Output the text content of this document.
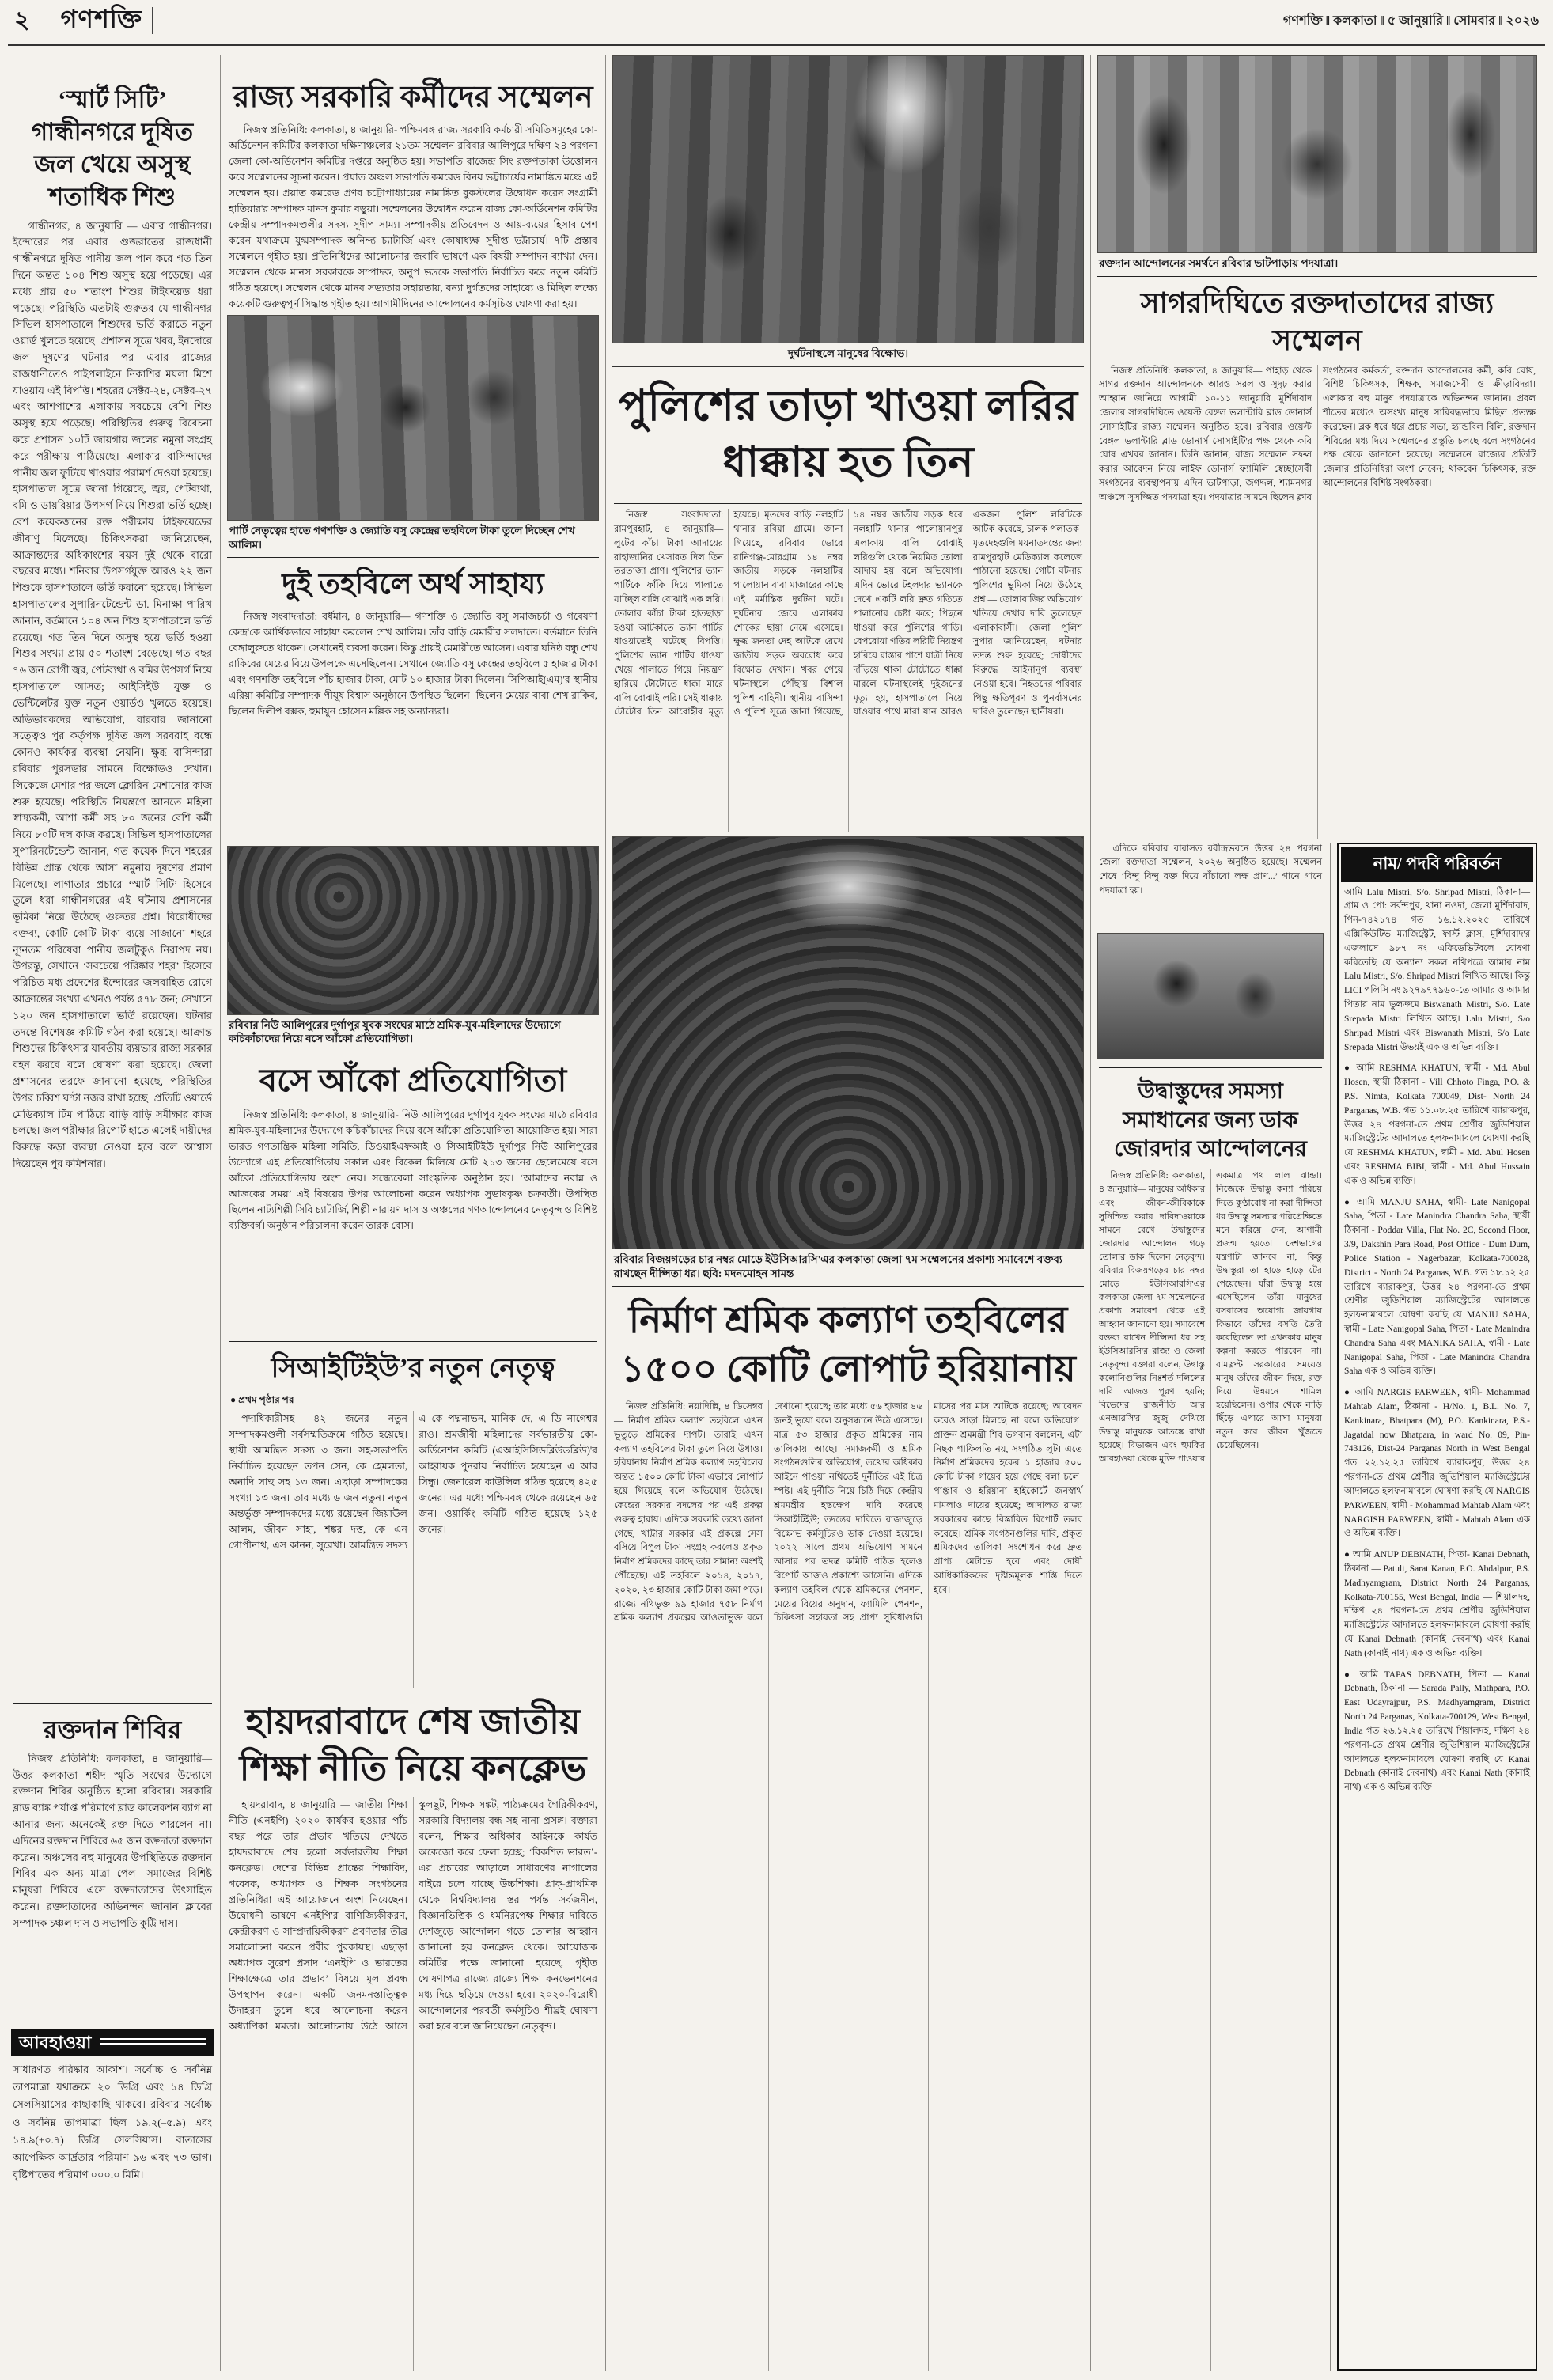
২	গণশক্তি	গণশক্তি ‖ কলকাতা ‖ ৫ জানুয়ারি ‖ সোমবার ‖ ২০২৬
‘স্মার্ট সিটি’ গান্ধীনগরে দূষিত জল খেয়ে অসুস্থ শতাধিক শিশু
গান্ধীনগর, ৪ জানুয়ারি — এবার গান্ধীনগর। ইন্দোরের পর এবার গুজরাতের রাজধানী গান্ধীনগরে দূষিত পানীয় জল পান করে গত তিন দিনে অন্তত ১০৪ শিশু অসুস্থ হয়ে পড়েছে। এর মধ্যে প্রায় ৫০ শতাংশ শিশুর টাইফয়েড ধরা পড়েছে। পরিস্থিতি এতটাই গুরুতর যে গান্ধীনগর সিভিল হাসপাতালে শিশুদের ভর্তি করাতে নতুন ওয়ার্ড খুলতে হয়েছে। প্রশাসন সূত্রে খবর, ইনদোরে জল দূষণের ঘটনার পর এবার রাজ্যের রাজধানীতেও পাইপলাইনে নিকাশির ময়লা মিশে যাওয়ায় এই বিপত্তি। শহরের সেক্টর-২৪, সেক্টর-২৭ এবং আশপাশের এলাকায় সবচেয়ে বেশি শিশু অসুস্থ হয়ে পড়েছে। পরিস্থিতির গুরুত্ব বিবেচনা করে প্রশাসন ১০টি জায়গায় জলের নমুনা সংগ্রহ করে পরীক্ষায় পাঠিয়েছে। এলাকার বাসিন্দাদের পানীয় জল ফুটিয়ে খাওয়ার পরামর্শ দেওয়া হয়েছে। হাসপাতাল সূত্রে জানা গিয়েছে, জ্বর, পেটব্যথা, বমি ও ডায়রিয়ার উপসর্গ নিয়ে শিশুরা ভর্তি হচ্ছে। বেশ কয়েকজনের রক্ত পরীক্ষায় টাইফয়েডের জীবাণু মিলেছে। চিকিৎসকরা জানিয়েছেন, আক্রান্তদের অধিকাংশের বয়স দুই থেকে বারো বছরের মধ্যে। শনিবার উপসর্গযুক্ত আরও ২২ জন শিশুকে হাসপাতালে ভর্তি করানো হয়েছে। সিভিল হাসপাতালের সুপারিনটেন্ডেন্ট ডা. মিনাক্ষা পারিখ জানান, বর্তমানে ১০৪ জন শিশু হাসপাতালে ভর্তি রয়েছে। গত তিন দিনে অসুস্থ হয়ে ভর্তি হওয়া শিশুর সংখ্যা প্রায় ৫০ শতাংশ বেড়েছে। গত বছর ৭৬ জন রোগী জ্বর, পেটব্যথা ও বমির উপসর্গ নিয়ে হাসপাতালে আসত; আইসিইউ যুক্ত ও ভেন্টিলেটর যুক্ত নতুন ওয়ার্ডও খুলতে হয়েছে। অভিভাবকদের অভিযোগ, বারবার জানানো সত্ত্বেও পুর কর্তৃপক্ষ দূষিত জল সরবরাহ বন্ধে কোনও কার্যকর ব্যবস্থা নেয়নি। ক্ষুব্ধ বাসিন্দারা রবিবার পুরসভার সামনে বিক্ষোভও দেখান। লিকেজে মেশার পর জলে ক্লোরিন মেশানোর কাজ শুরু হয়েছে। পরিস্থিতি নিয়ন্ত্রণে আনতে মহিলা স্বাস্থ্যকর্মী, আশা কর্মী সহ ৮০ জনের বেশি কর্মী নিয়ে ৮০টি দল কাজ করছে। সিভিল হাসপাতালের সুপারিনটেন্ডেন্ট জানান, গত কয়েক দিনে শহরের বিভিন্ন প্রান্ত থেকে আসা নমুনায় দূষণের প্রমাণ মিলেছে। লাগাতার প্রচারে ‘স্মার্ট সিটি’ হিসেবে তুলে ধরা গান্ধীনগরের এই ঘটনায় প্রশাসনের ভূমিকা নিয়ে উঠেছে গুরুতর প্রশ্ন। বিরোধীদের বক্তব্য, কোটি কোটি টাকা ব্যয়ে সাজানো শহরে ন্যূনতম পরিষেবা পানীয় জলটুকুও নিরাপদ নয়। উপরন্তু, সেখানে ‘সবচেয়ে পরিষ্কার শহর’ হিসেবে পরিচিত মধ্য প্রদেশের ইন্দোরের জলবাহিত রোগে আক্রান্তের সংখ্যা এখনও পর্যন্ত ৫৭৮ জন; সেখানে ১২০ জন হাসপাতালে ভর্তি রয়েছেন। ঘটনার তদন্তে বিশেষজ্ঞ কমিটি গঠন করা হয়েছে। আক্রান্ত শিশুদের চিকিৎসার যাবতীয় ব্যয়ভার রাজ্য সরকার বহন করবে বলে ঘোষণা করা হয়েছে। জেলা প্রশাসনের তরফে জানানো হয়েছে, পরিস্থিতির উপর চব্বিশ ঘণ্টা নজর রাখা হচ্ছে। প্রতিটি ওয়ার্ডে মেডিক্যাল টিম পাঠিয়ে বাড়ি বাড়ি সমীক্ষার কাজ চলছে। জল পরীক্ষার রিপোর্ট হাতে এলেই দায়ীদের বিরুদ্ধে কড়া ব্যবস্থা নেওয়া হবে বলে আশ্বাস দিয়েছেন পুর কমিশনার।
রক্তদান শিবির
নিজস্ব প্রতিনিধি: কলকাতা, ৪ জানুয়ারি— উত্তর কলকাতা শহীদ স্মৃতি সংঘের উদ্যোগে রক্তদান শিবির অনুষ্ঠিত হলো রবিবার। সরকারি ব্লাড ব্যাঙ্ক পর্যাপ্ত পরিমাণে ব্লাড কালেকশন ব্যাগ না আনার জন্য অনেকেই রক্ত দিতে পারলেন না। এদিনের রক্তদান শিবিরে ৬৫ জন রক্তদাতা রক্তদান করেন। অঞ্চলের বহু মানুষের উপস্থিতিতে রক্তদান শিবির এক অন্য মাত্রা পেল। সমাজের বিশিষ্ট মানুষরা শিবিরে এসে রক্তদাতাদের উৎসাহিত করেন। রক্তদাতাদের অভিনন্দন জানান ক্লাবের সম্পাদক চঞ্চল দাস ও সভাপতি কুট্টি দাস।
আবহাওয়া
সাধারণত পরিষ্কার আকাশ। সর্বোচ্চ ও সর্বনিম্ন তাপমাত্রা যথাক্রমে ২০ ডিগ্রি এবং ১৪ ডিগ্রি সেলসিয়াসের কাছাকাছি থাকবে। রবিবার সর্বোচ্চ ও সর্বনিম্ন তাপমাত্রা ছিল ১৯.২(–৫.৯) এবং ১৪.৯(+০.৭) ডিগ্রি সেলসিয়াস। বাতাসের আপেক্ষিক আর্দ্রতার পরিমাণ ৯৬ এবং ৭৩ ভাগ। বৃষ্টিপাতের পরিমাণ ০০০.০ মিমি।
রাজ্য সরকারি কর্মীদের সম্মেলন
নিজস্ব প্রতিনিধি: কলকাতা, ৪ জানুয়ারি- পশ্চিমবঙ্গ রাজ্য সরকারি কর্মচারী সমিতিসমূহের কো-অর্ডিনেশন কমিটির কলকাতা দক্ষিণাঞ্চলের ২১তম সম্মেলন রবিবার আলিপুরে দক্ষিণ ২৪ পরগনা জেলা কো-অর্ডিনেশন কমিটির দপ্তরে অনুষ্ঠিত হয়। সভাপতি রাজেন্দ্র সিং রক্তপতাকা উত্তোলন করে সম্মেলনের সূচনা করেন। প্রয়াত অঞ্চল সভাপতি কমরেড বিনয় ভট্টাচার্যের নামাঙ্কিত মঞ্চে এই সম্মেলন হয়। প্রয়াত কমরেড প্রণব চট্টোপাধ্যায়ের নামাঙ্কিত বুকস্টলের উদ্বোধন করেন সংগ্রামী হাতিয়ার'র সম্পাদক মানস কুমার বড়ুয়া। সম্মেলনের উদ্বোধন করেন রাজ্য কো-অর্ডিনেশন কমিটির কেন্দ্রীয় সম্পাদকমণ্ডলীর সদস্য সুদীপ সাম্য। সম্পাদকীয় প্রতিবেদন ও আয়-ব্যয়ের হিসাব পেশ করেন যথাক্রমে যুগ্মসম্পাদক অনিন্দ্য চ্যাটার্জি এবং কোষাধ্যক্ষ সুদীপ্ত ভট্টাচার্য। ৭টি প্রস্তাব সম্মেলনে গৃহীত হয়। প্রতিনিধিদের আলোচনার জবাবি ভাষণে এক বিষয়ী সম্পাদন ব্যাখ্যা দেন। সম্মেলন থেকে মানস সরকারকে সম্পাদক, অনুপ ভদ্রকে সভাপতি নির্বাচিত করে নতুন কমিটি গঠিত হয়েছে। সম্মেলন থেকে মানব সভ্যতার সহায়তায়, বন্যা দুর্গতদের সাহায্যে ও মিছিল লক্ষ্যে কয়েকটি গুরুত্বপূর্ণ সিদ্ধান্ত গৃহীত হয়। আগামীদিনের আন্দোলনের কর্মসূচিও ঘোষণা করা হয়।
পার্টি নেতৃত্বের হাতে গণশক্তি ও জ্যোতি বসু কেন্দ্রের তহবিলে টাকা তুলে দিচ্ছেন শেখ আলিম।
দুই তহবিলে অর্থ সাহায্য
নিজস্ব সংবাদদাতা: বর্ধমান, ৪ জানুয়ারি— গণশক্তি ও জ্যোতি বসু সমাজচর্চা ও গবেষণা কেন্দ্র'কে আর্থিকভাবে সাহায্য করলেন শেখ আলিম। তাঁর বাড়ি মেমারীর সলদাতে। বর্তমানে তিনি বেঙ্গালুরুতে থাকেন। সেখানেই ব্যবসা করেন। কিন্তু প্রায়ই মেমারীতে আসেন। এবার ঘনিষ্ঠ বন্ধু শেখ রাকিবের মেয়ের বিয়ে উপলক্ষে এসেছিলেন। সেখানে জ্যোতি বসু কেন্দ্রের তহবিলে ৫ হাজার টাকা এবং গণশক্তি তহবিলে পাঁচ হাজার টাকা, মোট ১০ হাজার টাকা দিলেন। সিপিআই(এম)'র স্থানীয় এরিয়া কমিটির সম্পাদক পীযূষ বিশ্বাস অনুষ্ঠানে উপস্থিত ছিলেন। ছিলেন মেয়ের বাবা শেখ রাকিব, ছিলেন দিলীপ বক্সক, হুমায়ুন হোসেন মল্লিক সহ অন্যান্যরা।
রবিবার নিউ আলিপুরের দুর্গাপুর যুবক সংঘের মাঠে শ্রমিক-যুব-মহিলাদের উদ্যোগে কচিকাঁচাদের নিয়ে বসে আঁকো প্রতিযোগিতা।
বসে আঁকো প্রতিযোগিতা
নিজস্ব প্রতিনিধি: কলকাতা, ৪ জানুয়ারি- নিউ আলিপুরের দুর্গাপুর যুবক সংঘের মাঠে রবিবার শ্রমিক-যুব-মহিলাদের উদ্যোগে কচিকাঁচাদের নিয়ে বসে আঁকো প্রতিযোগিতা আয়োজিত হয়। সারা ভারত গণতান্ত্রিক মহিলা সমিতি, ডিওয়াইএফআই ও সিআইটিইউ দুর্গাপুর নিউ আলিপুরের উদ্যোগে এই প্রতিযোগিতায় সকাল এবং বিকেল মিলিয়ে মোট ২১৩ জনের ছেলেমেয়ে বসে আঁকো প্রতিযোগিতায় অংশ নেয়। সন্ধ্যেবেলা সাংস্কৃতিক অনুষ্ঠান হয়। ‘আমাদের নবান্ন ও আজকের সময়’ এই বিষয়ের উপর আলোচনা করেন অধ্যাপক সুভাষকৃষ্ণ চক্রবর্তী। উপস্থিত ছিলেন নাট্যশিল্পী সিবি চ্যাটার্জি, শিল্পী নারায়ণ দাস ও অঞ্চলের গণআন্দোলনের নেতৃবৃন্দ ও বিশিষ্ট ব্যক্তিবর্গ। অনুষ্ঠান পরিচালনা করেন তারক বোস।
সিআইটিইউ’র নতুন নেতৃত্ব
● প্রথম পৃষ্ঠার পর
পদাধিকারীসহ ৪২ জনের নতুন সম্পাদকমণ্ডলী সর্বসম্মতিক্রমে গঠিত হয়েছে। স্থায়ী আমন্ত্রিত সদস্য ৩ জন। সহ-সভাপতি নির্বাচিত হয়েছেন তপন সেন, কে হেমলতা, অনাদি সাহু সহ ১৩ জন। এছাড়া সম্পাদকের সংখ্যা ১৩ জন। তার মধ্যে ৬ জন নতুন। নতুন অন্তর্ভুক্ত সম্পাদকদের মধ্যে রয়েছেন জিয়াউল আলম, জীবন সাহা, শঙ্কর দত্ত, কে এন গোপীনাথ, এস কানন, সুরেখা। আমন্ত্রিত সদস্য এ কে পদ্মনাভন, মানিক দে, এ ডি নাগেশ্বর রাও। শ্রমজীবী মহিলাদের সর্বভারতীয় কো-অর্ডিনেশন কমিটি (এআইসিসিডব্লিউডব্লিউ)'র আহ্বায়ক পুনরায় নির্বাচিত হয়েছেন এ আর সিন্ধু। জেনারেল কাউন্সিল গঠিত হয়েছে ৪২৫ জনের। এর মধ্যে পশ্চিমবঙ্গ থেকে রয়েছেন ৬৫ জন। ওয়ার্কিং কমিটি গঠিত হয়েছে ১২৫ জনের।
হায়দরাবাদে শেষ জাতীয় শিক্ষা নীতি নিয়ে কনক্লেভ
হায়দরাবাদ, ৪ জানুয়ারি — জাতীয় শিক্ষা নীতি (এনইপি) ২০২০ কার্যকর হওয়ার পাঁচ বছর পরে তার প্রভাব খতিয়ে দেখতে হায়দরাবাদে শেষ হলো সর্বভারতীয় শিক্ষা কনক্লেভ। দেশের বিভিন্ন প্রান্তের শিক্ষাবিদ, গবেষক, অধ্যাপক ও শিক্ষক সংগঠনের প্রতিনিধিরা এই আয়োজনে অংশ নিয়েছেন। উদ্বোধনী ভাষণে এনইপি'র বাণিজ্যিকীকরণ, কেন্দ্রীকরণ ও সাম্প্রদায়িকীকরণ প্রবণতার তীব্র সমালোচনা করেন প্রবীর পুরকায়স্থ। এছাড়া অধ্যাপক সুরেশ প্রসাদ ‘এনইপি ও ভারতের শিক্ষাক্ষেত্রে তার প্রভাব’ বিষয়ে মূল প্রবন্ধ উপস্থাপন করেন। একটি জনমনস্তাত্ত্বিক উদাহরণ তুলে ধরে আলোচনা করেন অধ্যাপিকা মমতা। আলোচনায় উঠে আসে স্কুলছুট, শিক্ষক সঙ্কট, পাঠ্যক্রমের গৈরিকীকরণ, সরকারি বিদ্যালয় বন্ধ সহ নানা প্রসঙ্গ। বক্তারা বলেন, শিক্ষার অধিকার আইনকে কার্যত অকেজো করে ফেলা হচ্ছে; ‘বিকশিত ভারত’-এর প্রচারের আড়ালে সাধারণের নাগালের বাইরে চলে যাচ্ছে উচ্চশিক্ষা। প্রাক্-প্রাথমিক থেকে বিশ্ববিদ্যালয় স্তর পর্যন্ত সর্বজনীন, বিজ্ঞানভিত্তিক ও ধর্মনিরপেক্ষ শিক্ষার দাবিতে দেশজুড়ে আন্দোলন গড়ে তোলার আহ্বান জানানো হয় কনক্লেভ থেকে। আয়োজক কমিটির পক্ষে জানানো হয়েছে, গৃহীত ঘোষণাপত্র রাজ্যে রাজ্যে শিক্ষা কনভেনশনের মধ্য দিয়ে ছড়িয়ে দেওয়া হবে। ২০২০-বিরোধী আন্দোলনের পরবর্তী কর্মসূচিও শীঘ্রই ঘোষণা করা হবে বলে জানিয়েছেন নেতৃবৃন্দ।
দুর্ঘটনাস্থলে মানুষের বিক্ষোভ।
পুলিশের তাড়া খাওয়া লরির ধাক্কায় হত তিন
নিজস্ব সংবাদদাতা: রামপুরহাট, ৪ জানুয়ারি— লুটের কাঁচা টাকা আদায়ের রাহাজানির খেসারত দিল তিন তরতাজা প্রাণ। পুলিশের ভ্যান পার্টিকে ফাঁকি দিয়ে পালাতে যাচ্ছিল বালি বোঝাই এক লরি। তোলার কাঁচা টাকা হাতছাড়া হওয়া আটকাতে ভ্যান পার্টির ধাওয়াতেই ঘটেছে বিপত্তি। পুলিশের ভ্যান পার্টির ধাওয়া খেয়ে পালাতে গিয়ে নিয়ন্ত্রণ হারিয়ে টোটোতে ধাক্কা মারে বালি বোঝাই লরি। সেই ধাক্কায় টোটোর তিন আরোহীর মৃত্যু হয়েছে। মৃতদের বাড়ি নলহাটি থানার রবিয়া গ্রামে। জানা গিয়েছে, রবিবার ভোরে রানিগঞ্জ-মোরগ্রাম ১৪ নম্বর জাতীয় সড়কে নলহাটির পালোয়ান বাবা মাজারের কাছে এই মর্মান্তিক দুর্ঘটনা ঘটে। দুর্ঘটনার জেরে এলাকায় শোকের ছায়া নেমে এসেছে। ক্ষুব্ধ জনতা দেহ আটকে রেখে জাতীয় সড়ক অবরোধ করে বিক্ষোভ দেখান। খবর পেয়ে ঘটনাস্থলে পৌঁছায় বিশাল পুলিশ বাহিনী। স্থানীয় বাসিন্দা ও পুলিশ সূত্রে জানা গিয়েছে, ১৪ নম্বর জাতীয় সড়ক ধরে নলহাটি থানার পালোয়ানপুর এলাকায় বালি বোঝাই লরিগুলি থেকে নিয়মিত তোলা আদায় হয় বলে অভিযোগ। এদিন ভোরে টহলদার ভ্যানকে দেখে একটি লরি দ্রুত গতিতে পালানোর চেষ্টা করে; পিছনে ধাওয়া করে পুলিশের গাড়ি। বেপরোয়া গতির লরিটি নিয়ন্ত্রণ হারিয়ে রাস্তার পাশে যাত্রী নিয়ে দাঁড়িয়ে থাকা টোটোতে ধাক্কা মারলে ঘটনাস্থলেই দুইজনের মৃত্যু হয়, হাসপাতালে নিয়ে যাওয়ার পথে মারা যান আরও একজন। পুলিশ লরিটিকে আটক করেছে, চালক পলাতক। মৃতদেহগুলি ময়নাতদন্তের জন্য রামপুরহাট মেডিক্যাল কলেজে পাঠানো হয়েছে। গোটা ঘটনায় পুলিশের ভূমিকা নিয়ে উঠেছে প্রশ্ন — তোলাবাজির অভিযোগ খতিয়ে দেখার দাবি তুলেছেন এলাকাবাসী। জেলা পুলিশ সুপার জানিয়েছেন, ঘটনার তদন্ত শুরু হয়েছে; দোষীদের বিরুদ্ধে আইনানুগ ব্যবস্থা নেওয়া হবে। নিহতদের পরিবার পিছু ক্ষতিপূরণ ও পুনর্বাসনের দাবিও তুলেছেন স্থানীয়রা।
রবিবার বিজয়গড়ের চার নম্বর মোড়ে ইউসিআরসি'এর কলকাতা জেলা ৭ম সম্মেলনের প্রকাশ্য সমাবেশে বক্তব্য রাখছেন দীপ্সিতা ধর। ছবি: মদনমোহন সামন্ত
নির্মাণ শ্রমিক কল্যাণ তহবিলের ১৫০০ কোটি লোপাট হরিয়ানায়
নিজস্ব প্রতিনিধি: নয়াদিল্লি, ৪ ডিসেম্বর— নির্মাণ শ্রমিক কল্যাণ তহবিলে এখন ভূতুড়ে শ্রমিকের দাপট। তারাই এখন কল্যাণ তহবিলের টাকা তুলে নিয়ে উধাও। হরিয়ানায় নির্মাণ শ্রমিক কল্যাণ তহবিলের অন্তত ১৫০০ কোটি টাকা এভাবে লোপাট হয়ে গিয়েছে বলে অভিযোগ উঠেছে। কেন্দ্রের সরকার বদলের পর এই প্রকল্প গুরুত্ব হারায়। এদিকে সরকারি তথ্যে জানা গেছে, খাট্টার সরকার এই প্রকল্পে সেস বসিয়ে বিপুল টাকা সংগ্রহ করলেও প্রকৃত নির্মাণ শ্রমিকদের কাছে তার সামান্য অংশই পৌঁছেছে। এই তহবিলে ২০১৪, ২০১৭, ২০২০, ২৩ হাজার কোটি টাকা জমা পড়ে। রাজ্যে নথিভুক্ত ৯৯ হাজার ৭৫৮ নির্মাণ শ্রমিক কল্যাণ প্রকল্পের আওতাভুক্ত বলে দেখানো হয়েছে; তার মধ্যে ৫৬ হাজার ৪৬ জনই ভুয়ো বলে অনুসন্ধানে উঠে এসেছে। মাত্র ৫৩ হাজার প্রকৃত শ্রমিকের নাম তালিকায় আছে। সমাজকর্মী ও শ্রমিক সংগঠনগুলির অভিযোগ, তথ্যের অধিকার আইনে পাওয়া নথিতেই দুর্নীতির এই চিত্র স্পষ্ট। এই দুর্নীতি নিয়ে চিঠি দিয়ে কেন্দ্রীয় শ্রমমন্ত্রীর হস্তক্ষেপ দাবি করেছে সিআইটিইউ; তদন্তের দাবিতে রাজ্যজুড়ে বিক্ষোভ কর্মসূচিরও ডাক দেওয়া হয়েছে। ২০২২ সালে প্রথম অভিযোগ সামনে আসার পর তদন্ত কমিটি গঠিত হলেও রিপোর্ট আজও প্রকাশ্যে আসেনি। এদিকে কল্যাণ তহবিল থেকে শ্রমিকদের পেনশন, মেয়ের বিয়ের অনুদান, ফ্যামিলি পেনশন, চিকিৎসা সহায়তা সহ প্রাপ্য সুবিধাগুলি মাসের পর মাস আটকে রয়েছে; আবেদন করেও সাড়া মিলছে না বলে অভিযোগ। প্রাক্তন শ্রমমন্ত্রী শিব ভগবান বললেন, এটা নিছক গাফিলতি নয়, সংগঠিত লুট। এতে নির্মাণ শ্রমিকদের হকের ১ হাজার ৫০০ কোটি টাকা গায়েব হয়ে গেছে বলা চলে। পাঞ্জাব ও হরিয়ানা হাইকোর্টে জনস্বার্থ মামলাও দায়ের হয়েছে; আদালত রাজ্য সরকারের কাছে বিস্তারিত রিপোর্ট তলব করেছে। শ্রমিক সংগঠনগুলির দাবি, প্রকৃত শ্রমিকদের তালিকা সংশোধন করে দ্রুত প্রাপ্য মেটাতে হবে এবং দোষী আধিকারিকদের দৃষ্টান্তমূলক শাস্তি দিতে হবে।
রক্তদান আন্দোলনের সমর্থনে রবিবার ভাটপাড়ায় পদযাত্রা।
সাগরদিঘিতে রক্তদাতাদের রাজ্য সম্মেলন
নিজস্ব প্রতিনিধি: কলকাতা, ৪ জানুয়ারি— পাহাড় থেকে সাগর রক্তদান আন্দোলনকে আরও সরল ও সুদৃঢ় করার আহ্বান জানিয়ে আগামী ১০-১১ জানুয়ারি মুর্শিদাবাদ জেলার সাগরদিঘিতে ওয়েস্ট বেঙ্গল ভলান্টারি ব্লাড ডোনার্স সোসাইটির রাজ্য সম্মেলন অনুষ্ঠিত হবে। রবিবার ওয়েস্ট বেঙ্গল ভলান্টারি ব্লাড ডোনার্স সোসাইটি'র পক্ষ থেকে কবি ঘোষ এখবর জানান। তিনি জানান, রাজ্য সম্মেলন সফল করার আবেদন নিয়ে লাইফ ডোনার্স ফ্যামিলি স্বেচ্ছাসেবী সংগঠনের ব্যবস্থাপনায় এদিন ভাটপাড়া, জগদ্দল, শ্যামনগর অঞ্চলে সুসজ্জিত পদযাত্রা হয়। পদযাত্রার সামনে ছিলেন ক্লাব সংগঠনের কর্মকর্তা, রক্তদান আন্দোলনের কর্মী, কবি ঘোষ, বিশিষ্ট চিকিৎসক, শিক্ষক, সমাজসেবী ও ক্রীড়াবিদরা। এলাকার বহু মানুষ পদযাত্রাকে অভিনন্দন জানান। প্রবল শীতের মধ্যেও অসংখ্য মানুষ সারিবদ্ধভাবে মিছিল প্রত্যক্ষ করেছেন। ব্লক ধরে ধরে প্রচার সভা, হ্যান্ডবিল বিলি, রক্তদান শিবিরের মধ্য দিয়ে সম্মেলনের প্রস্তুতি চলছে বলে সংগঠনের পক্ষ থেকে জানানো হয়েছে। সম্মেলনে রাজ্যের প্রতিটি জেলার প্রতিনিধিরা অংশ নেবেন; থাকবেন চিকিৎসক, রক্ত আন্দোলনের বিশিষ্ট সংগঠকরা।
এদিকে রবিবার বারাসত রবীন্দ্রভবনে উত্তর ২৪ পরগনা জেলা রক্তদাতা সম্মেলন, ২০২৬ অনুষ্ঠিত হয়েছে। সম্মেলন শেষে ‘বিন্দু বিন্দু রক্ত দিয়ে বাঁচাবো লক্ষ প্রাণ...’ গানে গানে পদযাত্রা হয়।
উদ্বাস্তুদের সমস্যা সমাধানের জন্য ডাক জোরদার আন্দোলনের
নিজস্ব প্রতিনিধি: কলকাতা, ৪ জানুয়ারি— মানুষের অধিকার এবং জীবন-জীবিকাকে সুনিশ্চিত করার দাবিদাওয়াকে সামনে রেখে উদ্বাস্তুদের জোরদার আন্দোলন গড়ে তোলার ডাক দিলেন নেতৃবৃন্দ। রবিবার বিজয়গড়ের চার নম্বর মোড়ে ইউসিআরসি'এর কলকাতা জেলা ৭ম সম্মেলনের প্রকাশ্য সমাবেশ থেকে এই আহ্বান জানানো হয়। সমাবেশে বক্তব্য রাখেন দীপ্সিতা ধর সহ ইউসিআরসি'র রাজ্য ও জেলা নেতৃবৃন্দ। বক্তারা বলেন, উদ্বাস্তু কলোনিগুলির নিঃশর্ত দলিলের দাবি আজও পূরণ হয়নি; বিভেদের রাজনীতি আর এনআরসি'র জুজু দেখিয়ে উদ্বাস্তু মানুষকে আতঙ্কে রাখা হয়েছে। বিভাজন এবং হুমকির আবহাওয়া থেকে মুক্তি পাওয়ার একমাত্র পথ লাল ঝান্ডা। নিজেকে উদ্বাস্তু কন্যা পরিচয় দিতে কুণ্ঠাবোধ না করা দীপ্সিতা ধর উদ্বাস্তু সমস্যার পরিপ্রেক্ষিতে মনে করিয়ে দেন, আগামী প্রজন্ম হয়তো দেশভাগের যন্ত্রণাটা জানবে না, কিন্তু উদ্বাস্তুরা তা হাড়ে হাড়ে টের পেয়েছেন। যাঁরা উদ্বাস্তু হয়ে এসেছিলেন তাঁরা মানুষের বসবাসের অযোগ্য জায়গায় কিভাবে তাঁদের বসতি তৈরি করেছিলেন তা এখনকার মানুষ কল্পনা করতে পারবেন না। বামফ্রন্ট সরকারের সময়েও মানুষ তাঁদের জীবন দিয়ে, রক্ত দিয়ে উন্নয়নে শামিল হয়েছিলেন। ওপার থেকে নাড়ি ছিঁড়ে এপারে আসা মানুষরা নতুন করে জীবন খুঁজতে চেয়েছিলেন।
নাম/ পদবি পরিবর্তন

আমি Lalu Mistri, S/o. Shripad Mistri, ঠিকানা— গ্রাম ও পো: সর্বন্দপুর, থানা নওদা, জেলা মুর্শিদাবাদ, পিন-৭৪২১৭৪ গত ১৬.১২.২০২৫ তারিখে এক্সিকিউটিভ ম্যাজিস্ট্রেট, ফার্স্ট ক্লাস, মুর্শিদাবাদ'র এজলাসে ৯৮৭ নং এফিডেভিটবলে ঘোষণা করিতেছি যে অন্যান্য সকল নথিপত্রে আমার নাম Lalu Mistri, S/o. Shripad Mistri লিখিত আছে। কিন্তু LICI পলিসি নং ৯২৭৯৭৭৯৬০-তে আমার ও আমার পিতার নাম ভুলক্রমে Biswanath Mistri, S/o. Late Srepada Mistri লিখিত আছে। Lalu Mistri, S/o Shripad Mistri এবং Biswanath Mistri, S/o Late Srepada Mistri উভয়ই এক ও অভিন্ন ব্যক্তি।

● আমি RESHMA KHATUN, স্বামী - Md. Abul Hosen, স্থায়ী ঠিকানা - Vill Chhoto Finga, P.O. & P.S. Nimta, Kolkata 700049, Dist- North 24 Parganas, W.B. গত ১১.০৮.২৫ তারিখে ব্যারাকপুর, উত্তর ২৪ পরগনা-তে প্রথম শ্রেণীর জুডিশিয়াল ম্যাজিস্ট্রেটের আদালতে হলফনামাবলে ঘোষণা করছি যে RESHMA KHATUN, স্বামী - Md. Abul Hosen এবং RESHMA BIBI, স্বামী - Md. Abul Hussain এক ও অভিন্ন ব্যক্তি।

● আমি MANJU SAHA, স্বামী- Late Nanigopal Saha, পিতা - Late Manindra Chandra Saha, স্থায়ী ঠিকানা - Poddar Villa, Flat No. 2C, Second Floor, 3/9, Dakshin Para Road, Post Office - Dum Dum, Police Station - Nagerbazar, Kolkata-700028, District - North 24 Parganas, W.B. গত ১৮.১২.২৫ তারিখে ব্যারাকপুর, উত্তর ২৪ পরগনা-তে প্রথম শ্রেণীর জুডিশিয়াল ম্যাজিস্ট্রেটের আদালতে হলফনামাবলে ঘোষণা করছি যে MANJU SAHA, স্বামী - Late Nanigopal Saha, পিতা - Late Manindra Chandra Saha এবং MANIKA SAHA, স্বামী - Late Nanigopal Saha, পিতা - Late Manindra Chandra Saha এক ও অভিন্ন ব্যক্তি।

● আমি NARGIS PARWEEN, স্বামী- Mohammad Mahtab Alam, ঠিকানা - H/No. 1, B.L. No. 7, Kankinara, Bhatpara (M), P.O. Kankinara, P.S.- Jagatdal now Bhatpara, in ward No. 09, Pin-743126, Dist-24 Parganas North in West Bengal গত ২২.১২.২৫ তারিখে ব্যারাকপুর, উত্তর ২৪ পরগনা-তে প্রথম শ্রেণীর জুডিশিয়াল ম্যাজিস্ট্রেটের আদালতে হলফনামাবলে ঘোষণা করছি যে NARGIS PARWEEN, স্বামী - Mohammad Mahtab Alam এবং NARGISH PARWEEN, স্বামী - Mahtab Alam এক ও অভিন্ন ব্যক্তি।

● আমি ANUP DEBNATH, পিতা- Kanai Debnath, ঠিকানা — Patuli, Sarat Kanan, P.O. Abdalpur, P.S. Madhyamgram, District North 24 Parganas, Kolkata-700155, West Bengal, India — শিয়ালদহ, দক্ষিণ ২৪ পরগনা-তে প্রথম শ্রেণীর জুডিশিয়াল ম্যাজিস্ট্রেটের আদালতে হলফনামাবলে ঘোষণা করছি যে Kanai Debnath (কানাই দেবনাথ) এবং Kanai Nath (কানাই নাথ) এক ও অভিন্ন ব্যক্তি।

● আমি TAPAS DEBNATH, পিতা — Kanai Debnath, ঠিকানা — Sarada Pally, Mathpara, P.O. East Udayrajpur, P.S. Madhyamgram, District North 24 Parganas, Kolkata-700129, West Bengal, India গত ২৬.১২.২৫ তারিখে শিয়ালদহ, দক্ষিণ ২৪ পরগনা-তে প্রথম শ্রেণীর জুডিশিয়াল ম্যাজিস্ট্রেটের আদালতে হলফনামাবলে ঘোষণা করছি যে Kanai Debnath (কানাই দেবনাথ) এবং Kanai Nath (কানাই নাথ) এক ও অভিন্ন ব্যক্তি।
